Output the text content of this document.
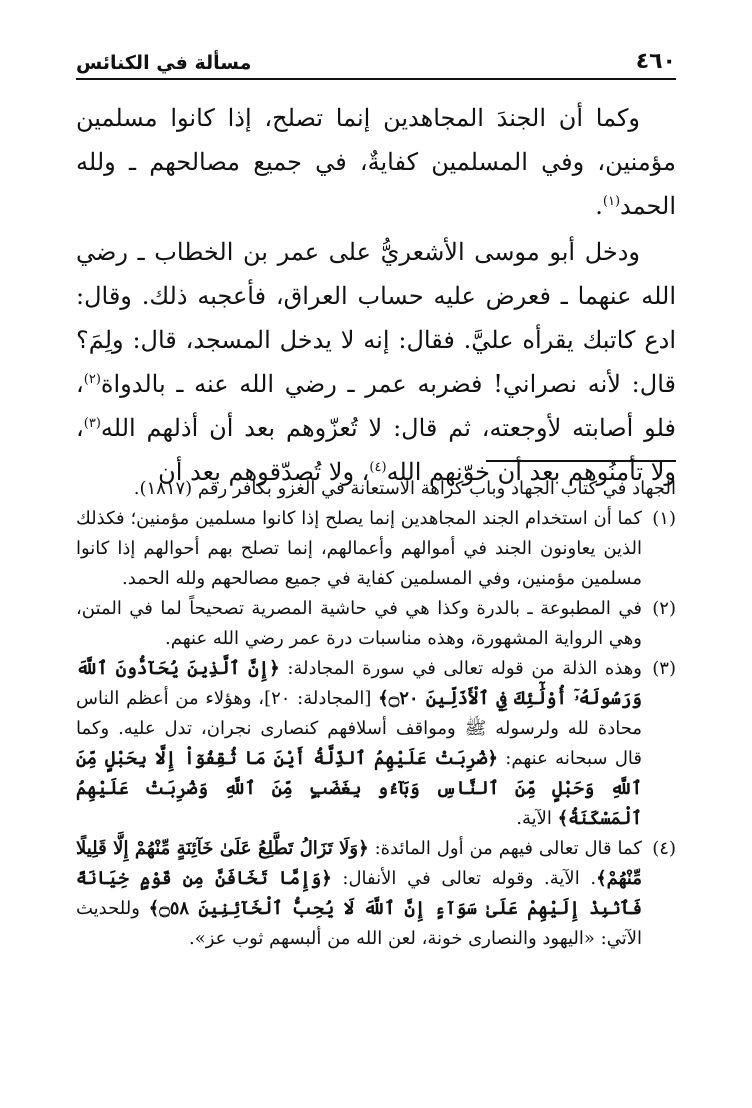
٤٦٠
مسألة في الكنائس

وكما أن الجندَ المجاهدين إنما تصلح، إذا كانوا مسلمين مؤمنين، وفي المسلمين كفايةٌ، في جميع مصالحهم ـ ولله الحمد$^{(١)}$.

ودخل أبو موسى الأشعريُّ على عمر بن الخطاب ـ رضي الله عنهما ـ فعرض عليه حساب العراق، فأعجبه ذلك. وقال: ادع كاتبك يقرأه عليَّ. فقال: إنه لا يدخل المسجد، قال: ولِمَ؟ قال: لأنه نصراني! فضربه عمر ـ رضي الله عنه ـ بالدواة$^{(٢)}$، فلو أصابته لأوجعته، ثم قال: لا تُعزّوهم بعد أن أذلهم الله$^{(٣)}$، ولا تأمنُوهم بعد أن خوّنهم الله$^{(٤)}$، ولا تُصدّقوهم بعد أن

الجهاد في كتاب الجهاد وباب كراهة الاستعانة في الغزو بكافر رقم (١٨١٧).

(١)
كما أن استخدام الجند المجاهدين إنما يصلح إذا كانوا مسلمين مؤمنين؛ فكذلك الذين يعاونون الجند في أموالهم وأعمالهم، إنما تصلح بهم أحوالهم إذا كانوا مسلمين مؤمنين، وفي المسلمين كفاية في جميع مصالحهم ولله الحمد.
(٢)
في المطبوعة ـ بالدرة وكذا هي في حاشية المصرية تصحيحاً لما في المتن، وهي الرواية المشهورة، وهذه مناسبات درة عمر رضي الله عنهم.
(٣)
وهذه الذلة من قوله تعالى في سورة المجادلة: ﴿إِنَّ ٱلَّذِينَ يُحَآدُّونَ ٱللَّهَ وَرَسُولَهُۥٓ أُوْلَٰٓئِكَ فِي ٱلْأَذَلِّينَ ۝٢٠﴾ [المجادلة: ٢٠]، وهؤلاء من أعظم الناس محادة لله ولرسوله ﷺ ومواقف أسلافهم كنصارى نجران، تدل عليه. وكما قال سبحانه عنهم: ﴿ضُرِبَتْ عَلَيْهِمُ ٱلذِّلَّةُ أَيْنَ مَا ثُقِفُوٓاْ إِلَّا بِحَبْلٍ مِّنَ ٱللَّهِ وَحَبْلٍ مِّنَ ٱلنَّاسِ وَبَآءُو بِغَضَبٍ مِّنَ ٱللَّهِ وَضُرِبَتْ عَلَيْهِمُ ٱلْمَسْكَنَةُ﴾ الآية.
(٤)
كما قال تعالى فيهم من أول المائدة: ﴿وَلَا تَزَالُ تَطَّلِعُ عَلَىٰ خَآئِنَةٍ مِّنْهُمْ إِلَّا قَلِيلًا مِّنْهُمْ﴾. الآية. وقوله تعالى في الأنفال: ﴿وَإِمَّا تَخَافَنَّ مِن قَوْمٍ خِيَانَةً فَٱنۢبِذْ إِلَيْهِمْ عَلَىٰ سَوَآءٍ إِنَّ ٱللَّهَ لَا يُحِبُّ ٱلْخَآئِنِينَ ۝٥٨﴾ وللحديث الآتي: «اليهود والنصارى خونة، لعن الله من ألبسهم ثوب عز».
